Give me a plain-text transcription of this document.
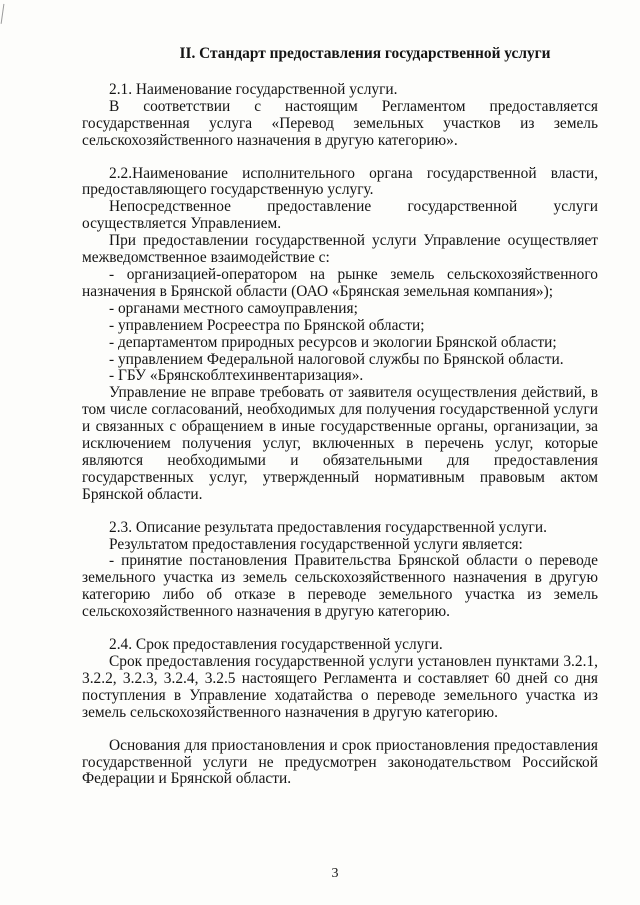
II. Стандарт предоставления государственной услуги
2.1. Наименование государственной услуги.
В соответствии с настоящим Регламентом предоставляется государственная услуга «Перевод земельных участков из земель сельскохозяйственного назначения в другую категорию».
2.2.Наименование исполнительного органа государственной власти, предоставляющего государственную услугу.
Непосредственное предоставление государственной услуги осуществляется Управлением.
При предоставлении государственной услуги Управление осуществляет межведомственное взаимодействие с:
- организацией-оператором на рынке земель сельскохозяйственного назначения в Брянской области (ОАО «Брянская земельная компания»);
- органами местного самоуправления;
- управлением Росреестра по Брянской области;
- департаментом природных ресурсов и экологии Брянской области;
- управлением Федеральной налоговой службы по Брянской области.
- ГБУ «Брянскоблтехинвентаризация».
Управление не вправе требовать от заявителя осуществления действий, в том числе согласований, необходимых для получения государственной услуги и связанных с обращением в иные государственные органы, организации, за исключением получения услуг, включенных в перечень услуг, которые являются необходимыми и обязательными для предоставления государственных услуг, утвержденный нормативным правовым актом Брянской области.
2.3. Описание результата предоставления государственной услуги.
Результатом предоставления государственной услуги является:
- принятие постановления Правительства Брянской области о переводе земельного участка из земель сельскохозяйственного назначения в другую категорию либо об отказе в переводе земельного участка из земель сельскохозяйственного назначения в другую категорию.
2.4. Срок предоставления государственной услуги.
Срок предоставления государственной услуги установлен пунктами 3.2.1, 3.2.2, 3.2.3, 3.2.4, 3.2.5 настоящего Регламента и составляет 60 дней со дня поступления в Управление ходатайства о переводе земельного участка из земель сельскохозяйственного назначения в другую категорию.
Основания для приостановления и срок приостановления предоставления государственной услуги не предусмотрен законодательством Российской Федерации и Брянской области.
3
